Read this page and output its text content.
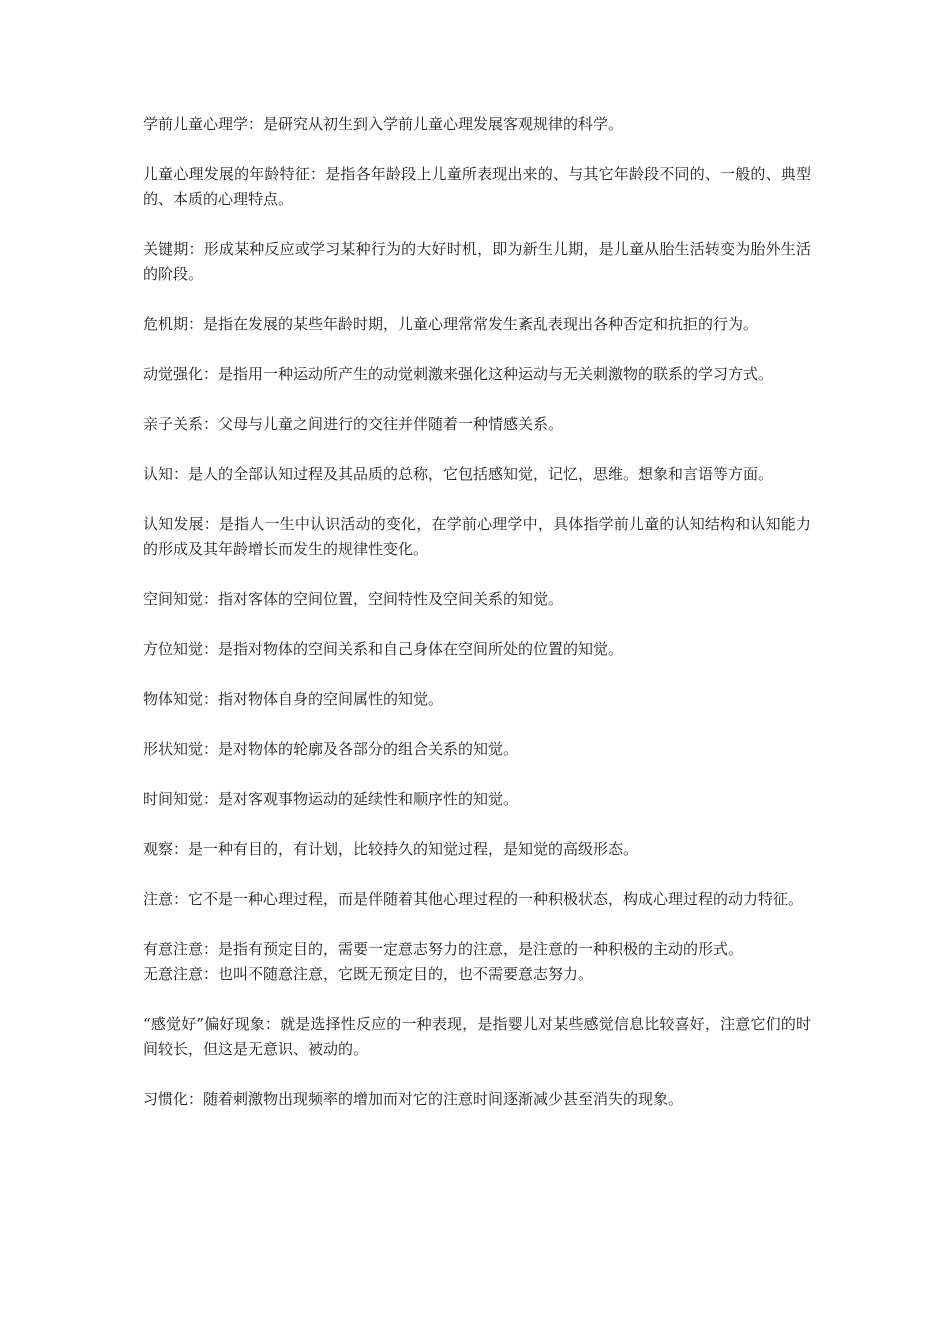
学前儿童心理学：是研究从初生到入学前儿童心理发展客观规律的科学。

儿童心理发展的年龄特征：是指各年龄段上儿童所表现出来的、与其它年龄段不同的、一般的、典型的、本质的心理特点。

关键期：形成某种反应或学习某种行为的大好时机，即为新生儿期，是儿童从胎生活转变为胎外生活的阶段。

危机期：是指在发展的某些年龄时期，儿童心理常常发生紊乱表现出各种否定和抗拒的行为。

动觉强化：是指用一种运动所产生的动觉刺激来强化这种运动与无关刺激物的联系的学习方式。

亲子关系：父母与儿童之间进行的交往并伴随着一种情感关系。

认知：是人的全部认知过程及其品质的总称，它包括感知觉，记忆，思维。想象和言语等方面。

认知发展：是指人一生中认识活动的变化，在学前心理学中，具体指学前儿童的认知结构和认知能力的形成及其年龄增长而发生的规律性变化。

空间知觉：指对客体的空间位置，空间特性及空间关系的知觉。

方位知觉：是指对物体的空间关系和自己身体在空间所处的位置的知觉。

物体知觉：指对物体自身的空间属性的知觉。

形状知觉：是对物体的轮廓及各部分的组合关系的知觉。

时间知觉：是对客观事物运动的延续性和顺序性的知觉。

观察：是一种有目的，有计划，比较持久的知觉过程，是知觉的高级形态。

注意：它不是一种心理过程，而是伴随着其他心理过程的一种积极状态，构成心理过程的动力特征。

有意注意：是指有预定目的，需要一定意志努力的注意，是注意的一种积极的主动的形式。

无意注意：也叫不随意注意，它既无预定目的，也不需要意志努力。

“感觉好”偏好现象：就是选择性反应的一种表现，是指婴儿对某些感觉信息比较喜好，注意它们的时间较长，但这是无意识、被动的。

习惯化：随着刺激物出现频率的增加而对它的注意时间逐渐减少甚至消失的现象。
